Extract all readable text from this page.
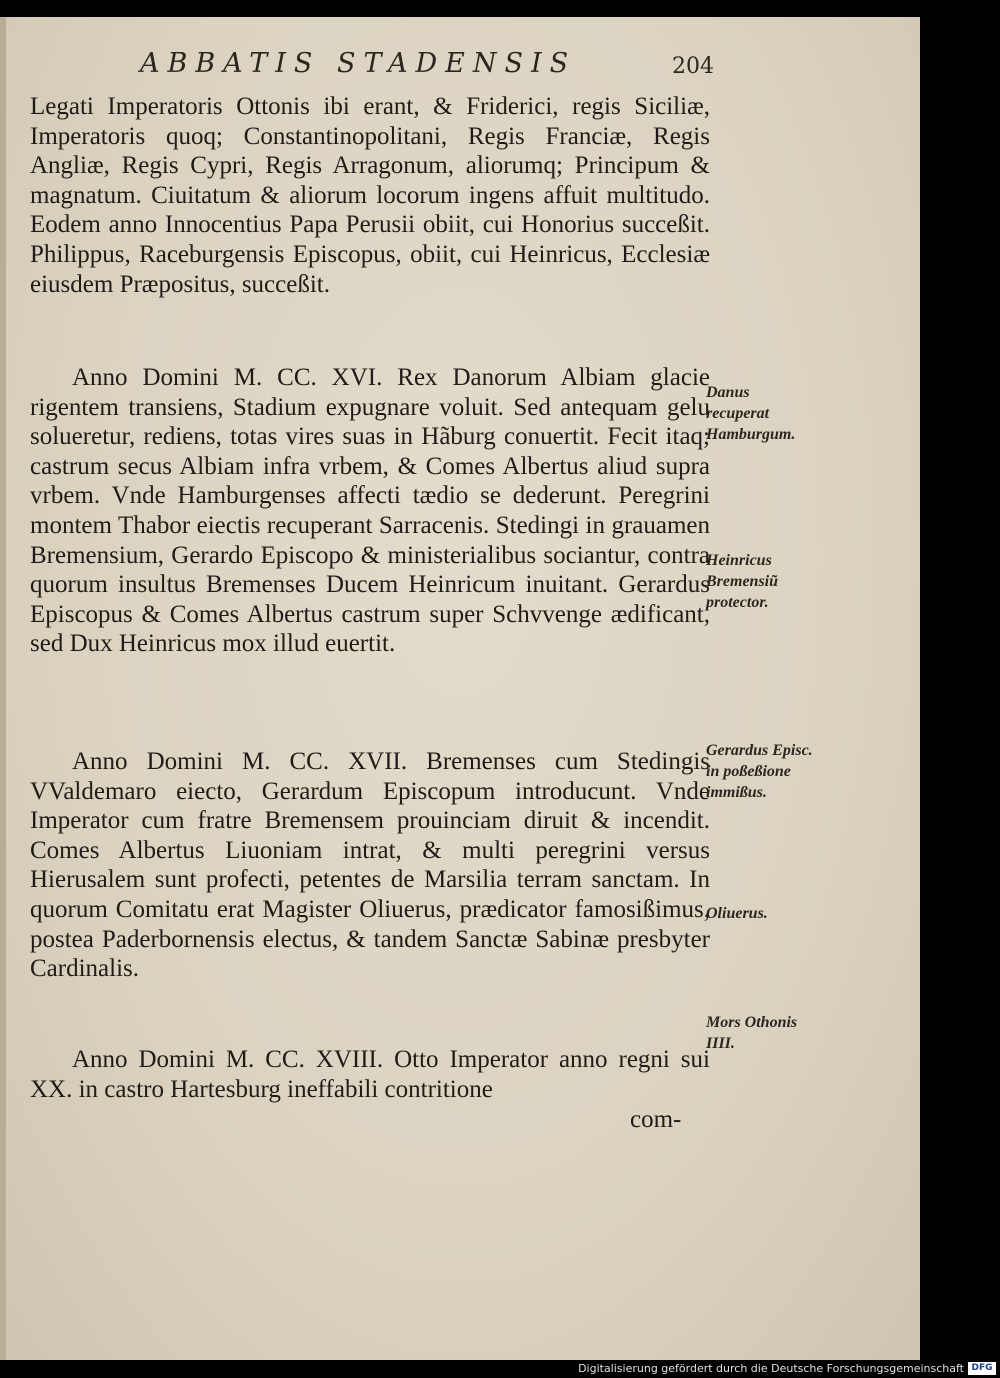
ABBATIS STADENSIS	204

Legati Imperatoris Ottonis ibi erant, & Friderici, regis Siciliæ, Imperatoris quoq; Constantinopolitani, Regis Franciæ, Regis Angliæ, Regis Cypri, Regis Arragonum, aliorumq; Principum & magnatum. Ciuitatum & aliorum locorum ingens affuit multitudo. Eodem anno Innocentius Papa Perusii obiit, cui Honorius succeßit. Philippus, Raceburgensis Episcopus, obiit, cui Heinricus, Ecclesiæ eiusdem Præpositus, succeßit.

Anno Domini M. CC. XVI. Rex Danorum Albiam glacie rigentem transiens, Stadium expugnare voluit. Sed antequam gelu solueretur, rediens, totas vires suas in Hãburg conuertit. Fecit itaq; castrum secus Albiam infra vrbem, & Comes Albertus aliud supra vrbem. Vnde Hamburgenses affecti tædio se dederunt. Peregrini montem Thabor eiectis recuperant Sarracenis. Stedingi in grauamen Bremensium, Gerardo Episcopo & ministerialibus sociantur, contra quorum insultus Bremenses Ducem Heinricum inuitant. Gerardus Episcopus & Comes Albertus castrum super Schvvenge ædificant, sed Dux Heinricus mox illud euertit.

Anno Domini M. CC. XVII. Bremenses cum Stedingis VValdemaro eiecto, Gerardum Episcopum introducunt. Vnde Imperator cum fratre Bremensem prouinciam diruit & incendit. Comes Albertus Liuoniam intrat, & multi peregrini versus Hierusalem sunt profecti, petentes de Marsilia terram sanctam. In quorum Comitatu erat Magister Oliuerus, prædicator famosißimus, postea Paderbornensis electus, & tandem Sanctæ Sabinæ presbyter Cardinalis.

Anno Domini M. CC. XVIII. Otto Imperator anno regni sui XX. in castro Hartesburg ineffabili contritione

com-
Danus recuperat Hamburgum.
Heinricus Bremensiũ protector.
Gerardus Episc. in poßeßione immißus.
Oliuerus.
Mors Othonis IIII.
Digitalisierung gefördert durch die Deutsche Forschungsgemeinschaft DFG
